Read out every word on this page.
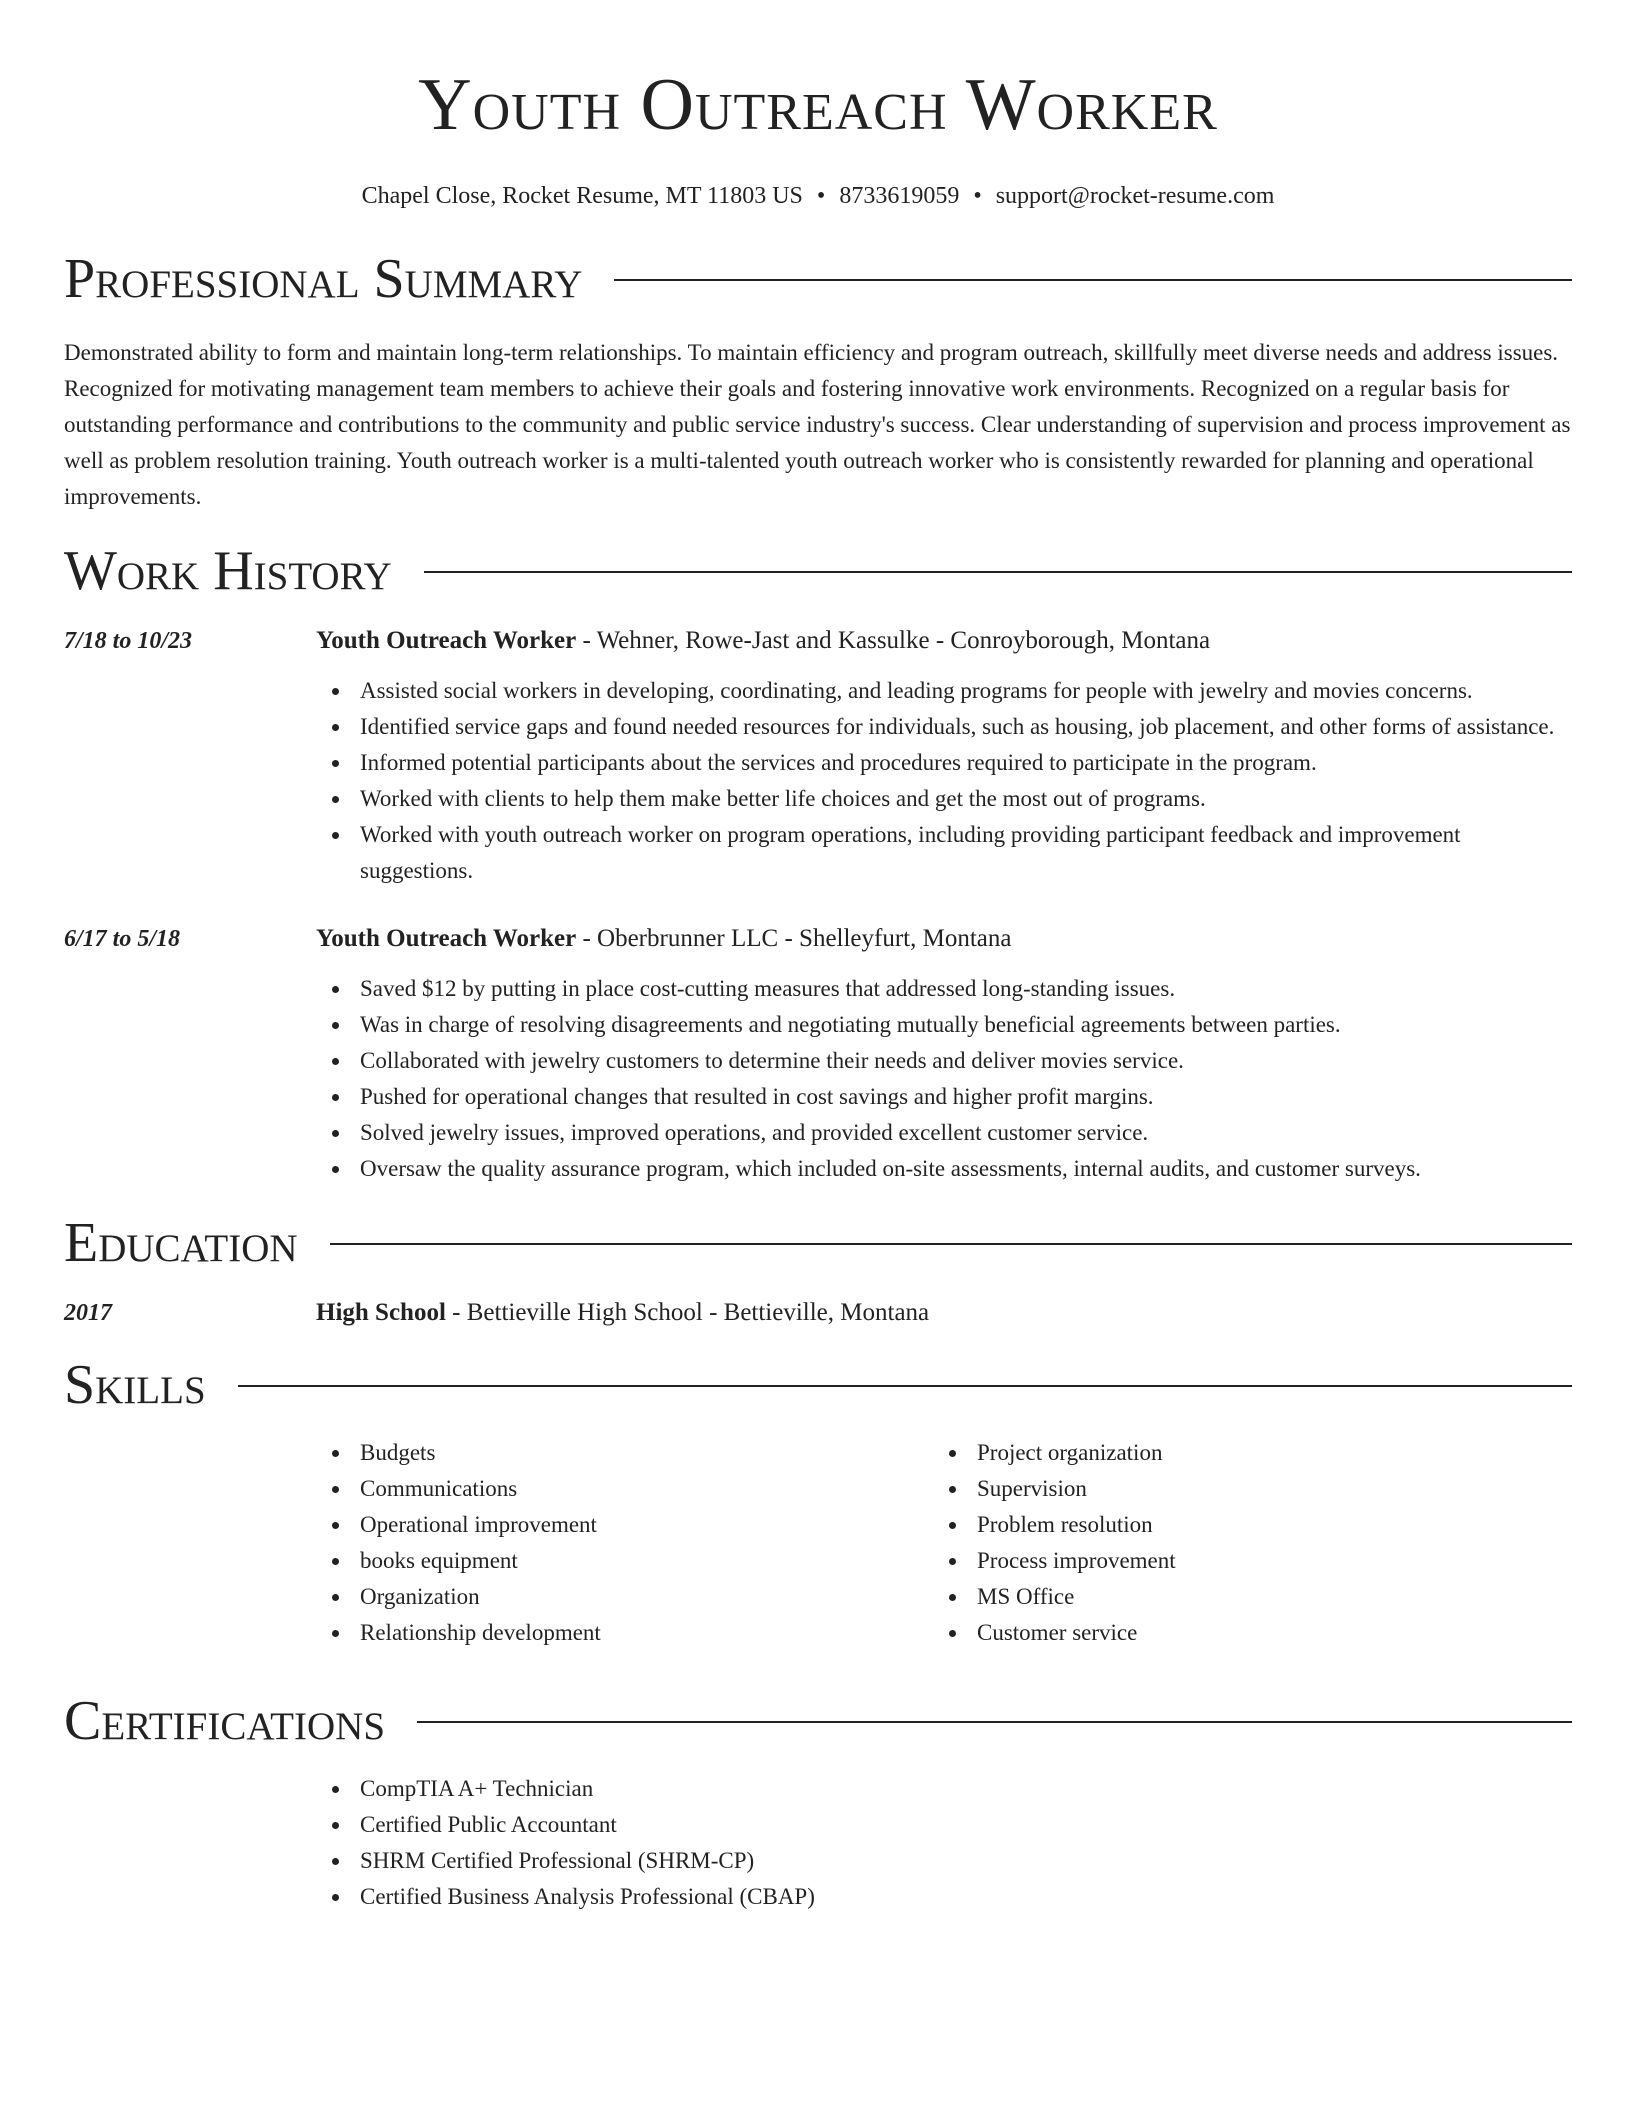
Youth Outreach Worker
Chapel Close, Rocket Resume, MT 11803 US • 8733619059 • support@rocket-resume.com
Professional Summary

Demonstrated ability to form and maintain long-term relationships. To maintain efficiency and program outreach, skillfully meet diverse needs and address issues. Recognized for motivating management team members to achieve their goals and fostering innovative work environments. Recognized on a regular basis for outstanding performance and contributions to the community and public service industry's success. Clear understanding of supervision and process improvement as well as problem resolution training. Youth outreach worker is a multi-talented youth outreach worker who is consistently rewarded for planning and operational improvements.

Work History
7/18 to 10/23	Youth Outreach Worker - Wehner, Rowe-Jast and Kassulke - Conroyborough, Montana
Assisted social workers in developing, coordinating, and leading programs for people with jewelry and movies concerns.
Identified service gaps and found needed resources for individuals, such as housing, job placement, and other forms of assistance.
Informed potential participants about the services and procedures required to participate in the program.
Worked with clients to help them make better life choices and get the most out of programs.
Worked with youth outreach worker on program operations, including providing participant feedback and improvement suggestions.
6/17 to 5/18	Youth Outreach Worker - Oberbrunner LLC - Shelleyfurt, Montana
Saved $12 by putting in place cost-cutting measures that addressed long-standing issues.
Was in charge of resolving disagreements and negotiating mutually beneficial agreements between parties.
Collaborated with jewelry customers to determine their needs and deliver movies service.
Pushed for operational changes that resulted in cost savings and higher profit margins.
Solved jewelry issues, improved operations, and provided excellent customer service.
Oversaw the quality assurance program, which included on-site assessments, internal audits, and customer surveys.
Education
2017	High School - Bettieville High School - Bettieville, Montana
Skills
Budgets
Communications
Operational improvement
books equipment
Organization
Relationship development
Project organization
Supervision
Problem resolution
Process improvement
MS Office
Customer service
Certifications
CompTIA A+ Technician
Certified Public Accountant
SHRM Certified Professional (SHRM-CP)
Certified Business Analysis Professional (CBAP)
